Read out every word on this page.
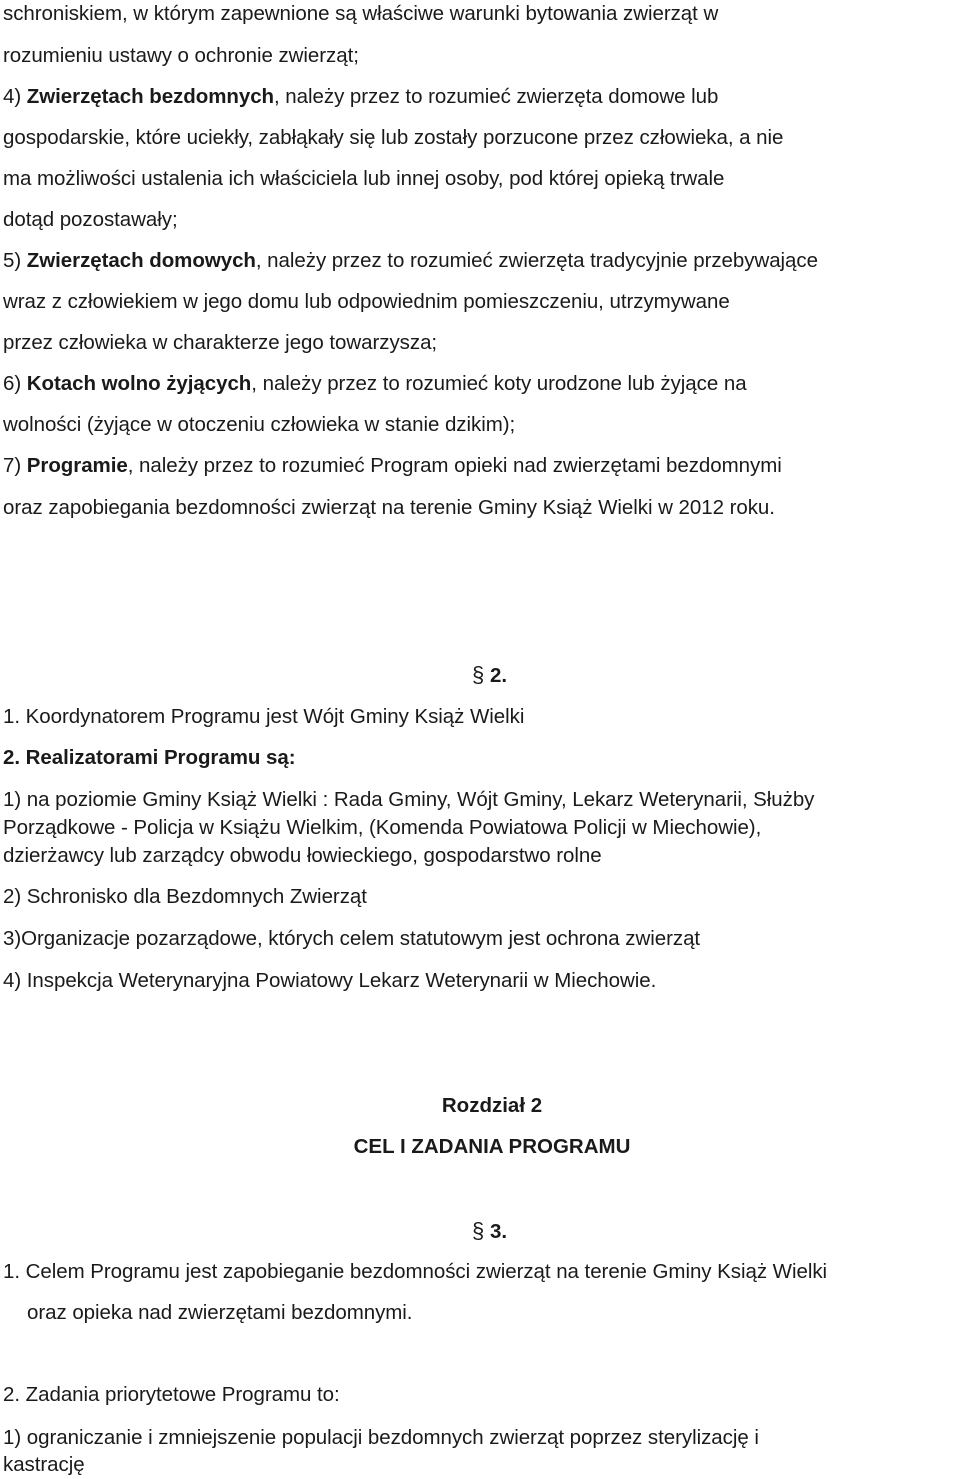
schroniskiem, w którym zapewnione są właściwe warunki bytowania zwierząt w
rozumieniu ustawy o ochronie zwierząt;
4) Zwierzętach bezdomnych, należy przez to rozumieć zwierzęta domowe lub
gospodarskie, które uciekły, zabłąkały się lub zostały porzucone przez człowieka, a nie
ma możliwości ustalenia ich właściciela lub innej osoby, pod której opieką trwale
dotąd pozostawały;
5) Zwierzętach domowych, należy przez to rozumieć zwierzęta tradycyjnie przebywające
wraz z człowiekiem w jego domu lub odpowiednim pomieszczeniu, utrzymywane
przez człowieka w charakterze jego towarzysza;
6) Kotach wolno żyjących, należy przez to rozumieć koty urodzone lub żyjące na
wolności (żyjące w otoczeniu człowieka w stanie dzikim);
7) Programie, należy przez to rozumieć Program opieki nad zwierzętami bezdomnymi
oraz zapobiegania bezdomności zwierząt na terenie Gminy Książ Wielki w 2012 roku.
§ 2.
1. Koordynatorem Programu jest Wójt Gminy Książ Wielki
2. Realizatorami Programu są:
1) na poziomie Gminy Książ Wielki : Rada Gminy, Wójt Gminy, Lekarz Weterynarii, Służby
Porządkowe - Policja w Książu Wielkim, (Komenda Powiatowa Policji w Miechowie),
dzierżawcy lub zarządcy obwodu łowieckiego, gospodarstwo rolne
2) Schronisko dla Bezdomnych Zwierząt
3)Organizacje pozarządowe, których celem statutowym jest ochrona zwierząt
4) Inspekcja Weterynaryjna Powiatowy Lekarz Weterynarii w Miechowie.
Rozdział 2
CEL I ZADANIA PROGRAMU
§ 3.
1. Celem Programu jest zapobieganie bezdomności zwierząt na terenie Gminy Książ Wielki
oraz opieka nad zwierzętami bezdomnymi.
2. Zadania priorytetowe Programu to:
1) ograniczanie i zmniejszenie populacji bezdomnych zwierząt poprzez sterylizację i
kastrację
